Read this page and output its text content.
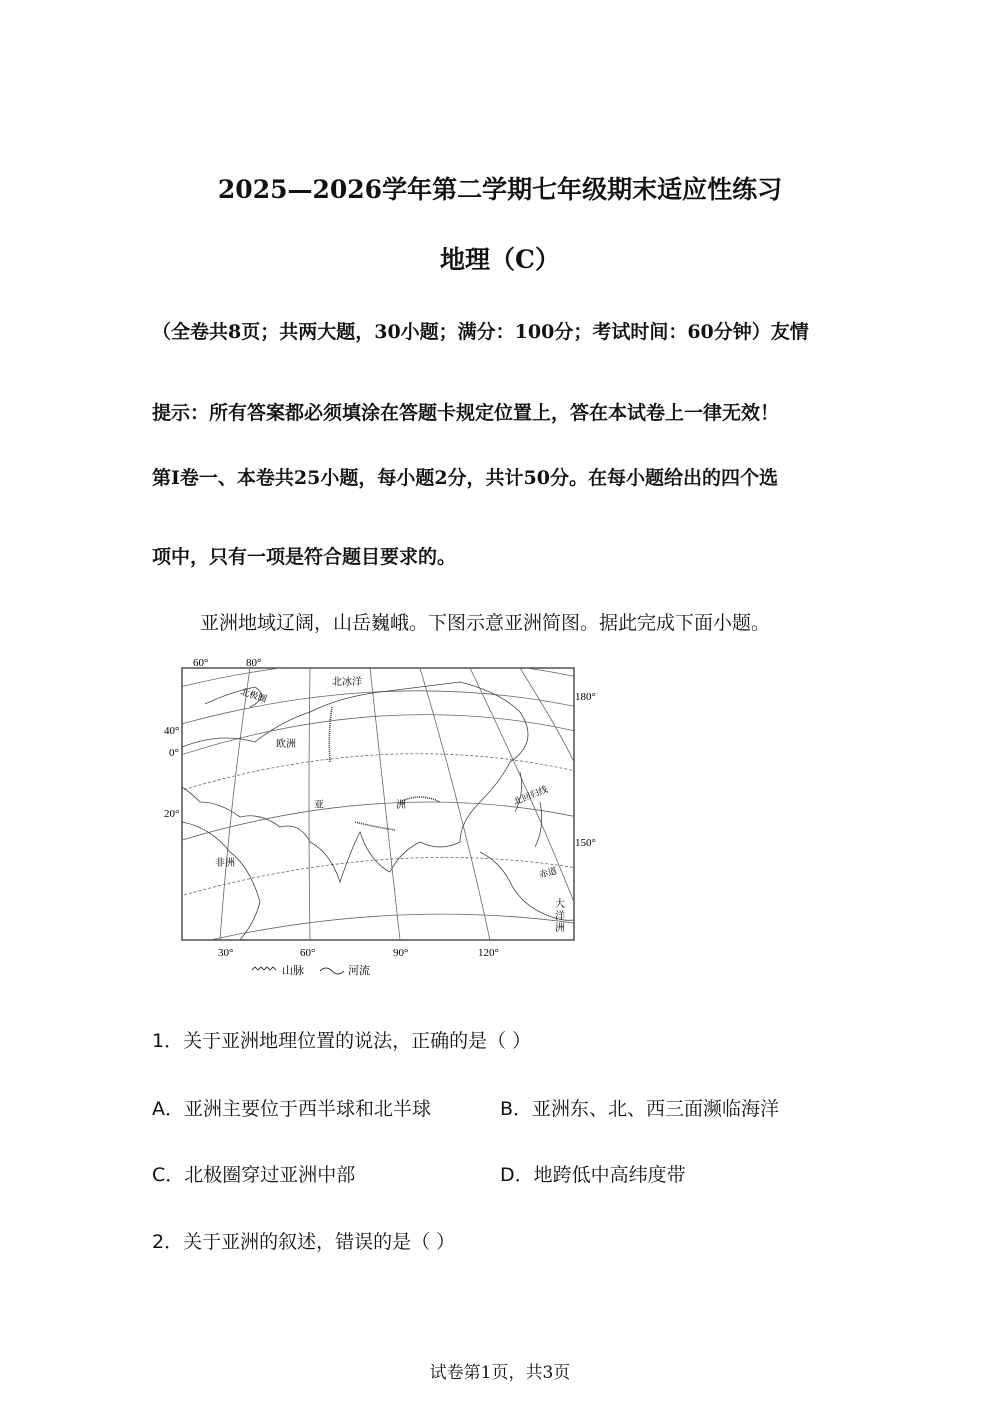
2025—2026学年第二学期七年级期末适应性练习
地理（C）
（全卷共8页；共两大题，30小题；满分：100分；考试时间：60分钟）友情
提示：所有答案都必须填涂在答题卡规定位置上，答在本试卷上一律无效！
第Ⅰ卷一、本卷共25小题，每小题2分，共计50分。在每小题给出的四个选
项中，只有一项是符合题目要求的。
亚洲地域辽阔，山岳巍峨。下图示意亚洲简图。据此完成下面小题。
北冰洋
北极圈
欧洲
亚	洲	北回归线
非洲
赤道
大
洋
洲
60°	80°
40°
0°
20°
180°
150°
30°	60°	90°	120°
山脉	河流
1．关于亚洲地理位置的说法，正确的是（ ）
A．亚洲主要位于西半球和北半球	B．亚洲东、北、西三面濒临海洋
C．北极圈穿过亚洲中部	D．地跨低中高纬度带
2．关于亚洲的叙述，错误的是（ ）
试卷第1页，共3页
